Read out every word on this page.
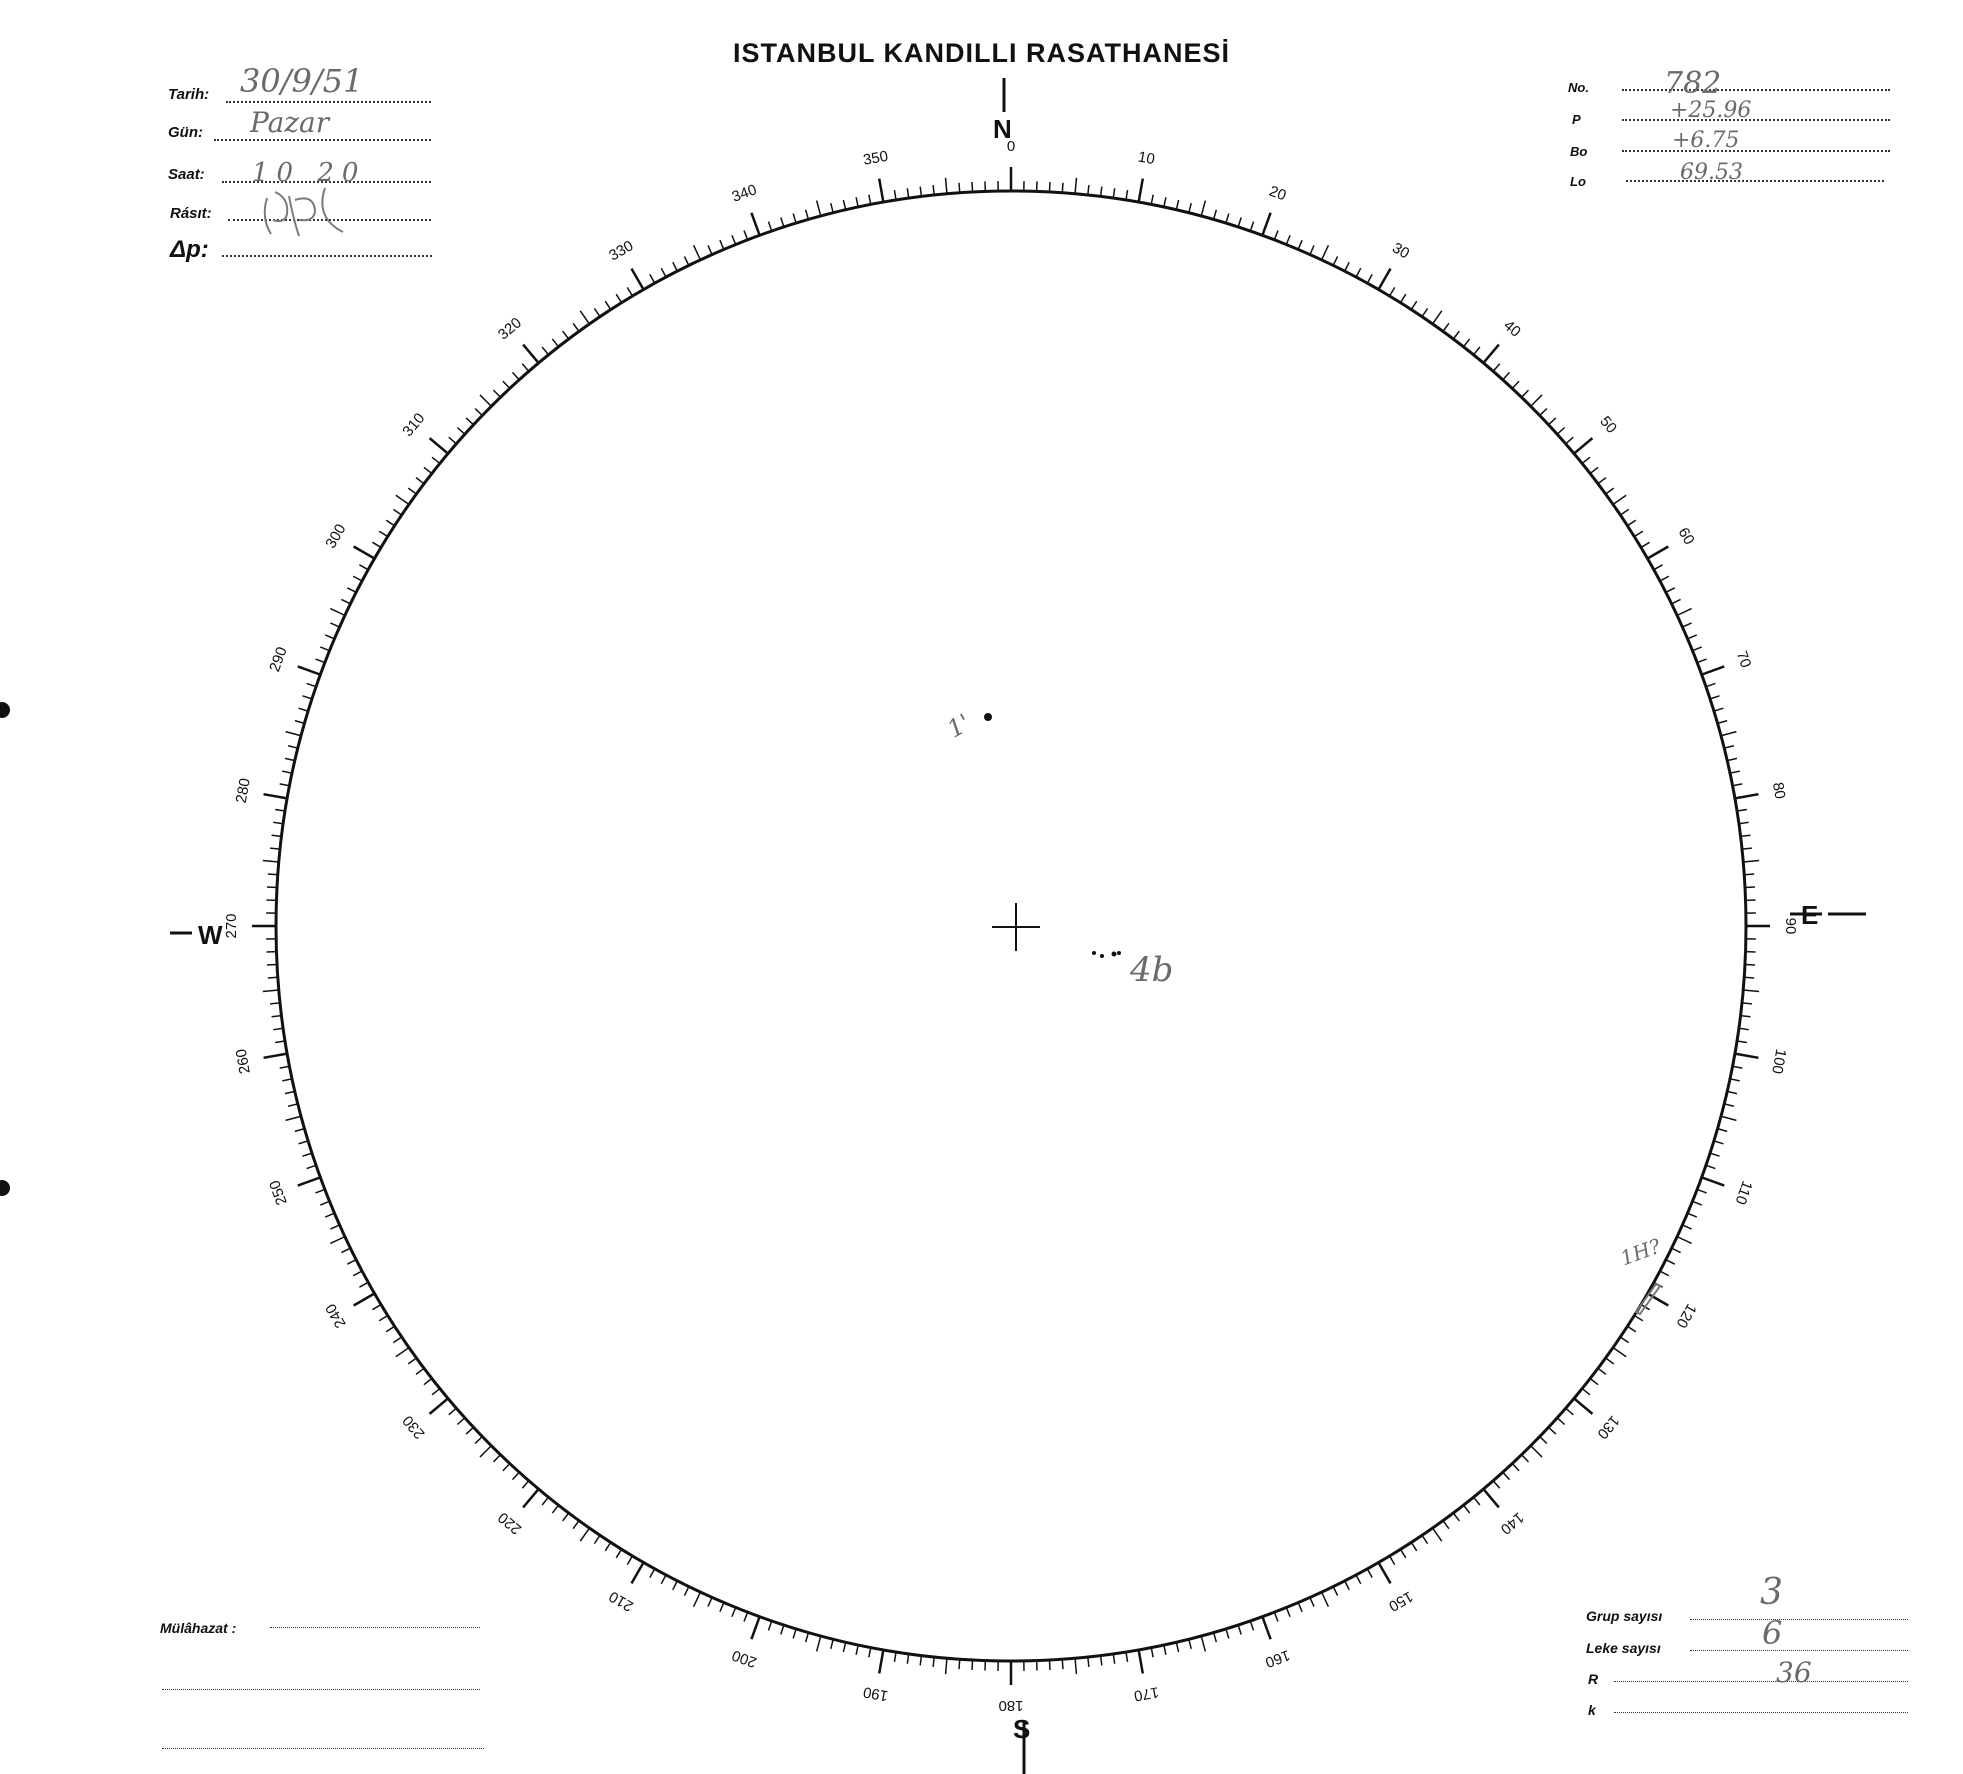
ISTANBUL KANDILLI RASATHANESİ
Tarih: 30/9/51
Gün: Pazar
Saat: 10 20
Rásıt:
Δp:
No.	782
P	+25.96
Bo	+6.75
Lo	69.53
0
10
20
30
40
50
60
70
80
90
100
110
120
130
140
150
160
170
180
190
200
210
220
230
240
250
260
270
280
290
300
310
320
330
340
350
N
E
S
W
1'
4b
1H?
Mülâhazat :
Grup sayısı
3
Leke sayısı	6
R	36
k
